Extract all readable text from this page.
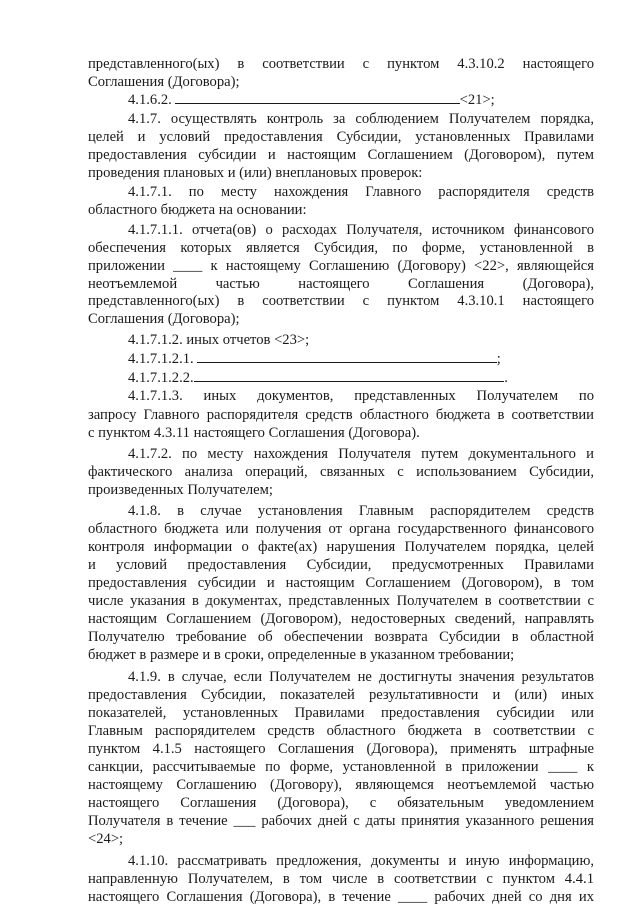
представленного(ых) в соответствии с пунктом 4.3.10.2 настоящего
Соглашения (Договора);
4.1.6.2.	<21>;
4.1.7. осуществлять контроль за соблюдением Получателем порядка,
целей и условий предоставления Субсидии, установленных Правилами
предоставления субсидии и настоящим Соглашением (Договором), путем
проведения плановых и (или) внеплановых проверок:
4.1.7.1. по месту нахождения Главного распорядителя средств
областного бюджета на основании:
4.1.7.1.1. отчета(ов) о расходах Получателя, источником финансового
обеспечения которых является Субсидия, по форме, установленной в
приложении ____ к настоящему Соглашению (Договору) <22>, являющейся
неотъемлемой частью настоящего Соглашения (Договора),
представленного(ых) в соответствии с пунктом 4.3.10.1 настоящего
Соглашения (Договора);
4.1.7.1.2. иных отчетов <23>;
4.1.7.1.2.1.	;
4.1.7.1.2.2.	.
4.1.7.1.3. иных документов, представленных Получателем по
запросу Главного распорядителя средств областного бюджета в соответствии
с пунктом 4.3.11 настоящего Соглашения (Договора).
4.1.7.2. по месту нахождения Получателя путем документального и
фактического анализа операций, связанных с использованием Субсидии,
произведенных Получателем;
4.1.8. в случае установления Главным распорядителем средств
областного бюджета или получения от органа государственного финансового
контроля информации о факте(ах) нарушения Получателем порядка, целей
и условий предоставления Субсидии, предусмотренных Правилами
предоставления субсидии и настоящим Соглашением (Договором), в том
числе указания в документах, представленных Получателем в соответствии с
настоящим Соглашением (Договором), недостоверных сведений, направлять
Получателю требование об обеспечении возврата Субсидии в областной
бюджет в размере и в сроки, определенные в указанном требовании;
4.1.9. в случае, если Получателем не достигнуты значения результатов
предоставления Субсидии, показателей результативности и (или) иных
показателей, установленных Правилами предоставления субсидии или
Главным распорядителем средств областного бюджета в соответствии с
пунктом 4.1.5 настоящего Соглашения (Договора), применять штрафные
санкции, рассчитываемые по форме, установленной в приложении ____ к
настоящему Соглашению (Договору), являющемся неотъемлемой частью
настоящего Соглашения (Договора), с обязательным уведомлением
Получателя в течение ___ рабочих дней с даты принятия указанного решения
<24>;
4.1.10. рассматривать предложения, документы и иную информацию,
направленную Получателем, в том числе в соответствии с пунктом 4.4.1
настоящего Соглашения (Договора), в течение ____ рабочих дней со дня их
